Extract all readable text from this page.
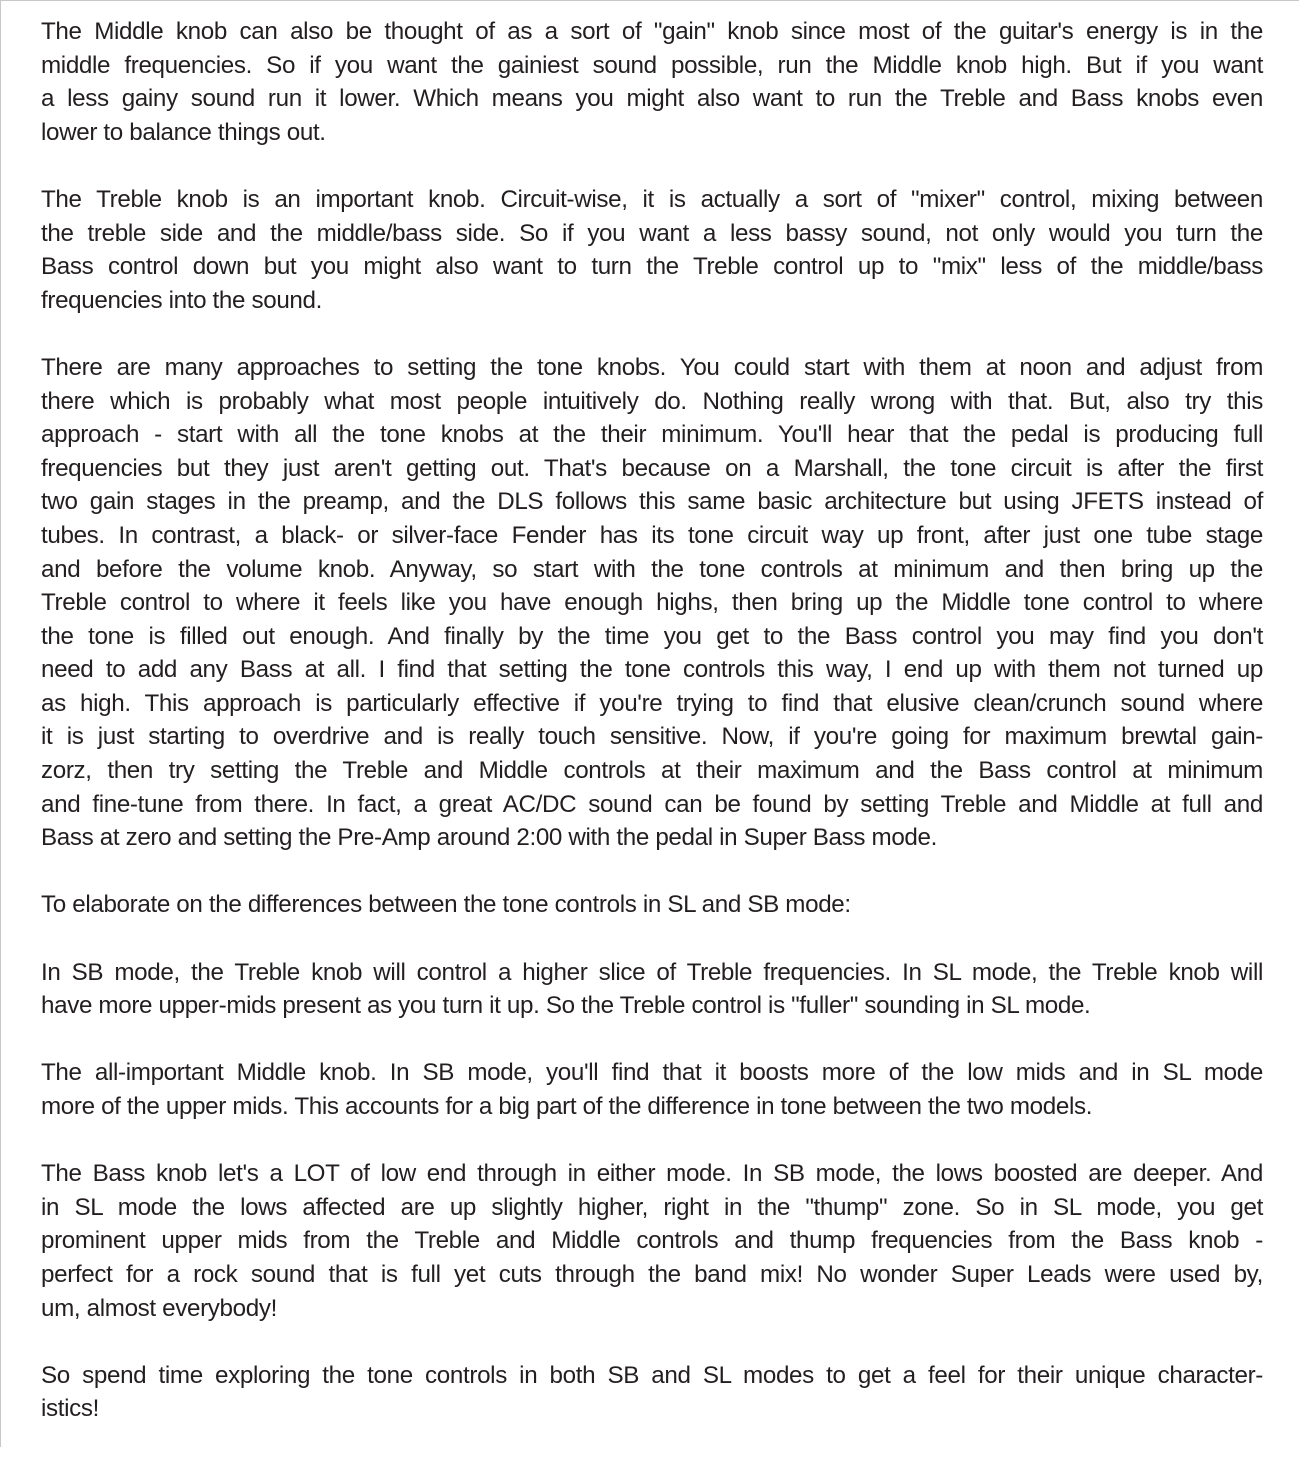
The Middle knob can also be thought of as a sort of "gain" knob since most of the guitar's energy is in the
middle frequencies. So if you want the gainiest sound possible, run the Middle knob high. But if you want
a less gainy sound run it lower. Which means you might also want to run the Treble and Bass knobs even
lower to balance things out.

The Treble knob is an important knob. Circuit-wise, it is actually a sort of "mixer" control, mixing between
the treble side and the middle/bass side. So if you want a less bassy sound, not only would you turn the
Bass control down but you might also want to turn the Treble control up to "mix" less of the middle/bass
frequencies into the sound.

There are many approaches to setting the tone knobs. You could start with them at noon and adjust from
there which is probably what most people intuitively do. Nothing really wrong with that. But, also try this
approach - start with all the tone knobs at the their minimum. You'll hear that the pedal is producing full
frequencies but they just aren't getting out. That's because on a Marshall, the tone circuit is after the first
two gain stages in the preamp, and the DLS follows this same basic architecture but using JFETS instead of
tubes. In contrast, a black- or silver-face Fender has its tone circuit way up front, after just one tube stage
and before the volume knob. Anyway, so start with the tone controls at minimum and then bring up the
Treble control to where it feels like you have enough highs, then bring up the Middle tone control to where
the tone is filled out enough. And finally by the time you get to the Bass control you may find you don't
need to add any Bass at all. I find that setting the tone controls this way, I end up with them not turned up
as high. This approach is particularly effective if you're trying to find that elusive clean/crunch sound where
it is just starting to overdrive and is really touch sensitive. Now, if you're going for maximum brewtal gain-
zorz, then try setting the Treble and Middle controls at their maximum and the Bass control at minimum
and fine-tune from there. In fact, a great AC/DC sound can be found by setting Treble and Middle at full and
Bass at zero and setting the Pre-Amp around 2:00 with the pedal in Super Bass mode.

To elaborate on the differences between the tone controls in SL and SB mode:

In SB mode, the Treble knob will control a higher slice of Treble frequencies. In SL mode, the Treble knob will
have more upper-mids present as you turn it up. So the Treble control is "fuller" sounding in SL mode.

The all-important Middle knob. In SB mode, you'll find that it boosts more of the low mids and in SL mode
more of the upper mids. This accounts for a big part of the difference in tone between the two models.

The Bass knob let's a LOT of low end through in either mode. In SB mode, the lows boosted are deeper. And
in SL mode the lows affected are up slightly higher, right in the "thump" zone. So in SL mode, you get
prominent upper mids from the Treble and Middle controls and thump frequencies from the Bass knob -
perfect for a rock sound that is full yet cuts through the band mix! No wonder Super Leads were used by,
um, almost everybody!

So spend time exploring the tone controls in both SB and SL modes to get a feel for their unique character-
istics!
